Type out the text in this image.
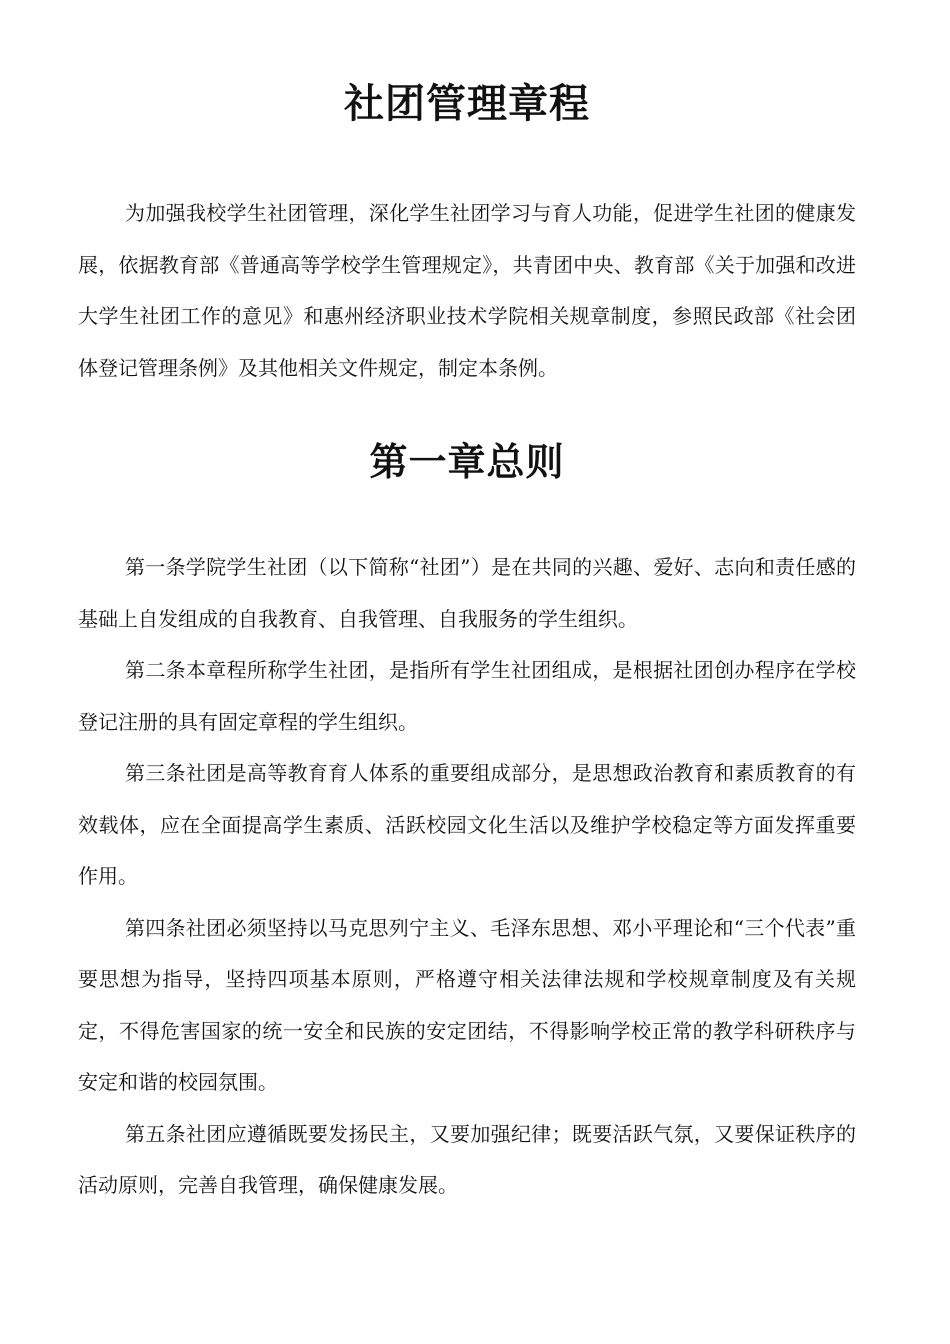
社团管理章程

为加强我校学生社团管理，深化学生社团学习与育人功能，促进学生社团的健康发展，依据教育部《普通高等学校学生管理规定》，共青团中央、教育部《关于加强和改进大学生社团工作的意见》和惠州经济职业技术学院相关规章制度，参照民政部《社会团体登记管理条例》及其他相关文件规定，制定本条例。

第一章总则

第一条学院学生社团（以下简称“社团”）是在共同的兴趣、爱好、志向和责任感的基础上自发组成的自我教育、自我管理、自我服务的学生组织。

第二条本章程所称学生社团，是指所有学生社团组成，是根据社团创办程序在学校登记注册的具有固定章程的学生组织。

第三条社团是高等教育育人体系的重要组成部分，是思想政治教育和素质教育的有效载体，应在全面提高学生素质、活跃校园文化生活以及维护学校稳定等方面发挥重要作用。

第四条社团必须坚持以马克思列宁主义、毛泽东思想、邓小平理论和“三个代表”重要思想为指导，坚持四项基本原则，严格遵守相关法律法规和学校规章制度及有关规定，不得危害国家的统一安全和民族的安定团结，不得影响学校正常的教学科研秩序与安定和谐的校园氛围。

第五条社团应遵循既要发扬民主，又要加强纪律；既要活跃气氛，又要保证秩序的活动原则，完善自我管理，确保健康发展。
